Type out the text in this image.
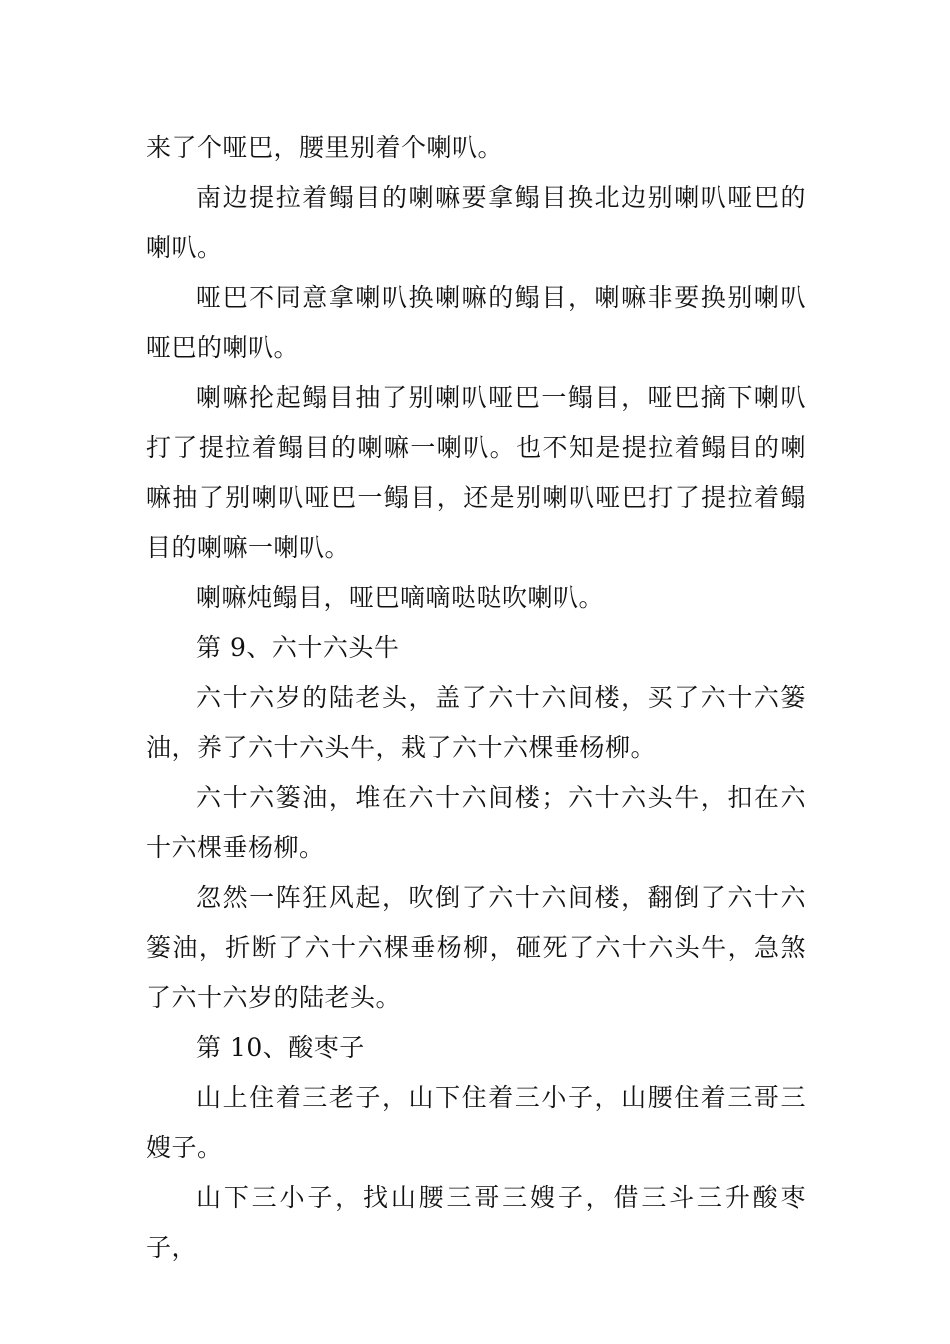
来了个哑巴，腰里别着个喇叭。

南边提拉着鳎目的喇嘛要拿鳎目换北边别喇叭哑巴的喇叭。

哑巴不同意拿喇叭换喇嘛的鳎目，喇嘛非要换别喇叭哑巴的喇叭。

喇嘛抡起鳎目抽了别喇叭哑巴一鳎目，哑巴摘下喇叭打了提拉着鳎目的喇嘛一喇叭。也不知是提拉着鳎目的喇嘛抽了别喇叭哑巴一鳎目，还是别喇叭哑巴打了提拉着鳎目的喇嘛一喇叭。

喇嘛炖鳎目，哑巴嘀嘀哒哒吹喇叭。

第 9、六十六头牛

六十六岁的陆老头，盖了六十六间楼，买了六十六篓油，养了六十六头牛，栽了六十六棵垂杨柳。

六十六篓油，堆在六十六间楼；六十六头牛，扣在六十六棵垂杨柳。

忽然一阵狂风起，吹倒了六十六间楼，翻倒了六十六篓油，折断了六十六棵垂杨柳，砸死了六十六头牛，急煞了六十六岁的陆老头。

第 10、酸枣子

山上住着三老子，山下住着三小子，山腰住着三哥三嫂子。

山下三小子，找山腰三哥三嫂子，借三斗三升酸枣子，
